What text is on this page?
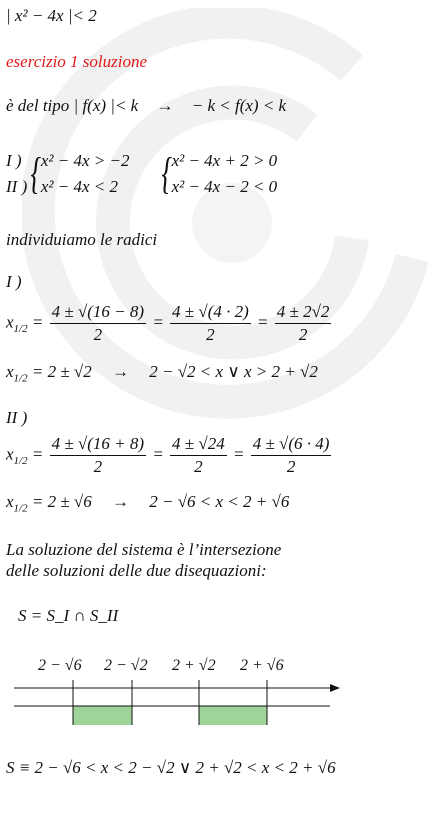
| x² − 4x |< 2
esercizio 1 soluzione
è del tipo | f(x) |< k → − k < f(x) < k
I )
II ) { x² − 4x > −2
x² − 4x < 2 { x² − 4x + 2 > 0
x² − 4x − 2 < 0
individuiamo le radici
I )
$x_{1/2} = \frac{4 \pm √(16 - 8)}{2} = \frac{4 \pm √(4 \cdot 2)}{2} = \frac{4 \pm 2√2}{2}$
$x_{1/2} = 2 \pm √2 \to 2 - √2 < x$ ∨ x > 2 + √2
II )
$x_{1/2} = \frac{4 \pm √(16 + 8)}{2} = \frac{4 \pm √24}{2} = \frac{4 \pm √(6 \cdot 4)}{2}$
$x_{1/2} = 2 \pm √6 \to 2 - √6 < x < 2 + √6$
La soluzione del sistema è l’intersezione
delle soluzioni delle due disequazioni:
S = S_I ∩ S_II
2 − √6 2 − √2 2 + √2 2 + √6
S ≡ 2 − √6 < x < 2 − √2 ∨ 2 + √2 < x < 2 + √6
